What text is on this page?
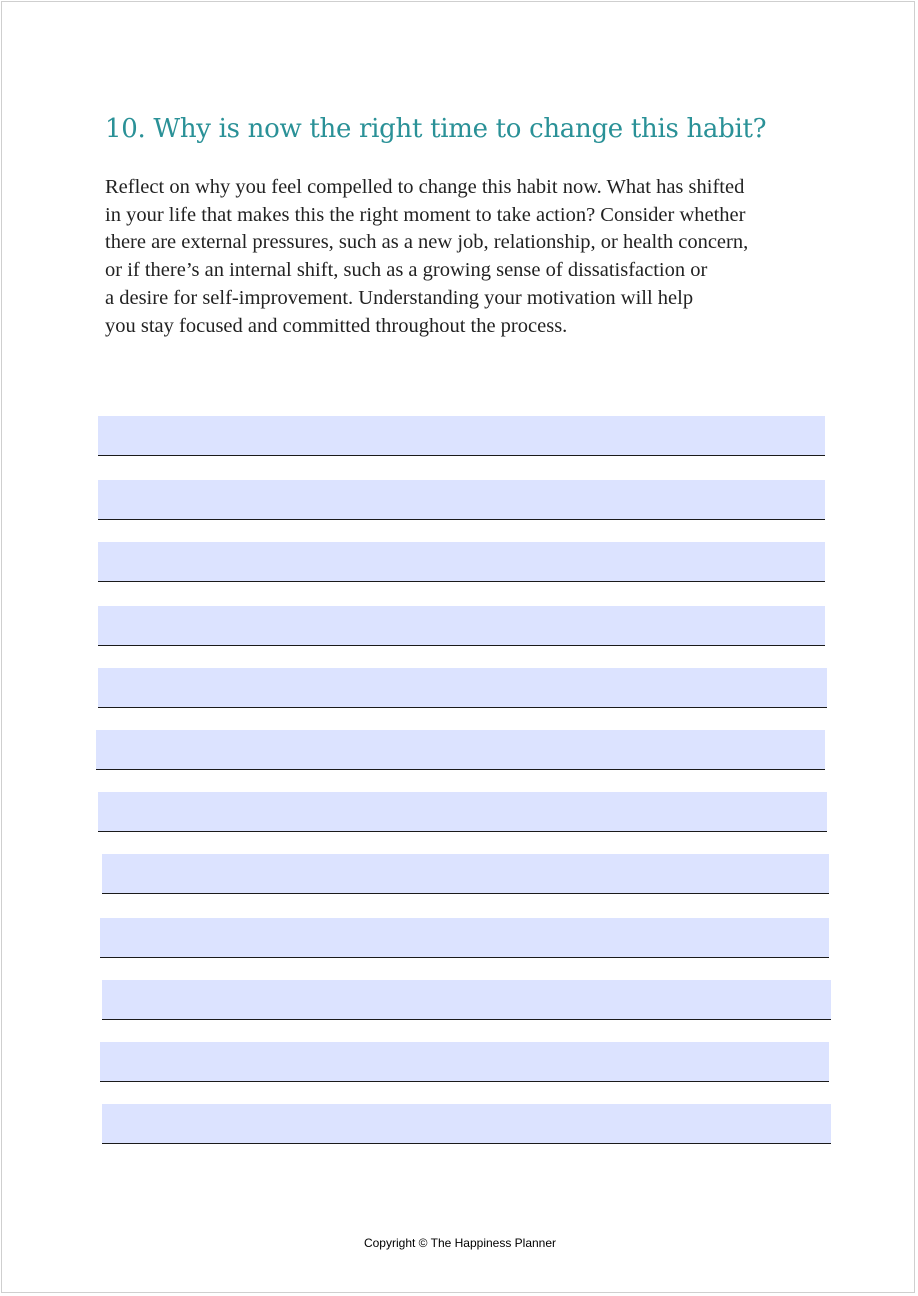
10. Why is now the right time to change this habit?

Reflect on why you feel compelled to change this habit now. What has shifted
in your life that makes this the right moment to take action? Consider whether
there are external pressures, such as a new job, relationship, or health concern,
or if there’s an internal shift, such as a growing sense of dissatisfaction or
a desire for self-improvement. Understanding your motivation will help
you stay focused and committed throughout the process.

Copyright © The Happiness Planner
